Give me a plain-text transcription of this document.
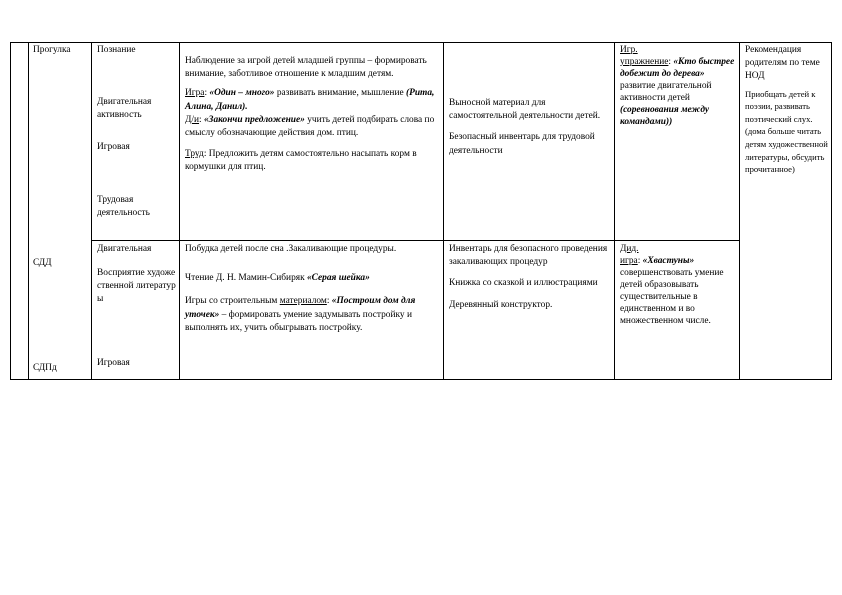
Прогулка	Познание
Двигательная активность
Игровая
Трудовая деятельность

Наблюдение за игрой детей младшей группы – формировать внимание, заботливое отношение к младшим детям.

Игра: «Один – много» развивать внимание, мышление (Рита, Алина, Данил).

Д/и: «Закончи предложение» учить детей подбирать слова по смыслу обозначающие действия дом. птиц.

Труд: Предложить детям самостоятельно насыпать корм в кормушки для птиц.

Выносной материал для самостоятельной деятельности детей.

Безопасный инвентарь для трудовой деятельности

Игр.
упражнение: «Кто быстрее добежит до дерева» развитие двигательной активности детей (соревнования между командами))

Рекомендация родителям по теме НОД

Приобщать детей к поэзии, развивать поэтический слух. (дома больше читать детям художественной литературы, обсудить прочитанное)

СДД
СДПд
Двигательная
Восприятие художественной литературы
Игровая

Побудка детей после сна .Закаливающие процедуры.

Чтение Д. Н. Мамин-Сибиряк «Серая шейка»

Игры со строительным материалом: «Построим дом для уточек» – формировать умение задумывать постройку и выполнять их, учить обыгрывать постройку.

Инвентарь для безопасного проведения закаливающих процедур

Книжка со сказкой и иллюстрациями

Деревянный конструктор.

Дид.
игра: «Хвастуны» совершенствовать умение детей образовывать существительные в единственном и во множественном числе.
